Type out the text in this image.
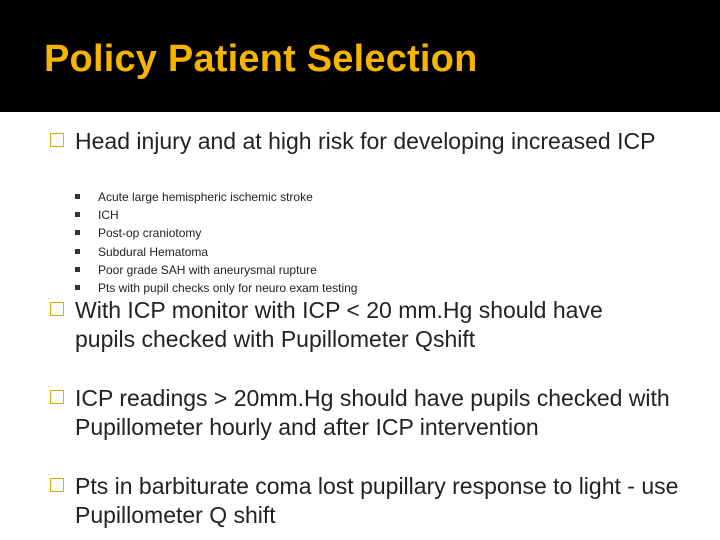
Policy Patient Selection
Head injury and at high risk for developing increased ICP
Acute large hemispheric ischemic stroke
ICH
Post-op craniotomy
Subdural Hematoma
Poor grade SAH with aneurysmal rupture
Pts with pupil checks only for neuro exam testing
With ICP monitor with ICP < 20 mm.Hg should have pupils checked with Pupillometer Qshift
ICP readings > 20mm.Hg should have pupils checked with Pupillometer hourly and after ICP intervention
Pts in barbiturate coma lost pupillary response to light - use Pupillometer Q shift
